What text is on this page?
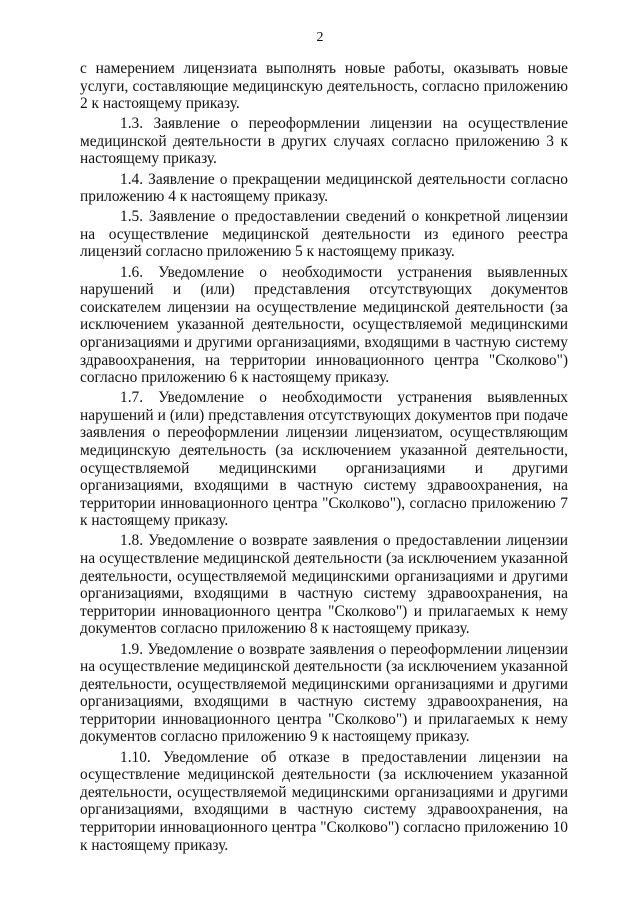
2

с намерением лицензиата выполнять новые работы, оказывать новые услуги, составляющие медицинскую деятельность, согласно приложению 2 к настоящему приказу.

1.3. Заявление о переоформлении лицензии на осуществление медицинской деятельности в других случаях согласно приложению 3 к настоящему приказу.

1.4. Заявление о прекращении медицинской деятельности согласно приложению 4 к настоящему приказу.

1.5. Заявление о предоставлении сведений о конкретной лицензии на осуществление медицинской деятельности из единого реестра лицензий согласно приложению 5 к настоящему приказу.

1.6. Уведомление о необходимости устранения выявленных нарушений и (или) представления отсутствующих документов соискателем лицензии на осуществление медицинской деятельности (за исключением указанной деятельности, осуществляемой медицинскими организациями и другими организациями, входящими в частную систему здравоохранения, на территории инновационного центра "Сколково") согласно приложению 6 к настоящему приказу.

1.7. Уведомление о необходимости устранения выявленных нарушений и (или) представления отсутствующих документов при подаче заявления о переоформлении лицензии лицензиатом, осуществляющим медицинскую деятельность (за исключением указанной деятельности, осуществляемой медицинскими организациями и другими организациями, входящими в частную систему здравоохранения, на территории инновационного центра "Сколково"), согласно приложению 7 к настоящему приказу.

1.8. Уведомление о возврате заявления о предоставлении лицензии на осуществление медицинской деятельности (за исключением указанной деятельности, осуществляемой медицинскими организациями и другими организациями, входящими в частную систему здравоохранения, на территории инновационного центра "Сколково") и прилагаемых к нему документов согласно приложению 8 к настоящему приказу.

1.9. Уведомление о возврате заявления о переоформлении лицензии на осуществление медицинской деятельности (за исключением указанной деятельности, осуществляемой медицинскими организациями и другими организациями, входящими в частную систему здравоохранения, на территории инновационного центра "Сколково") и прилагаемых к нему документов согласно приложению 9 к настоящему приказу.

1.10. Уведомление об отказе в предоставлении лицензии на осуществление медицинской деятельности (за исключением указанной деятельности, осуществляемой медицинскими организациями и другими организациями, входящими в частную систему здравоохранения, на территории инновационного центра "Сколково") согласно приложению 10 к настоящему приказу.
